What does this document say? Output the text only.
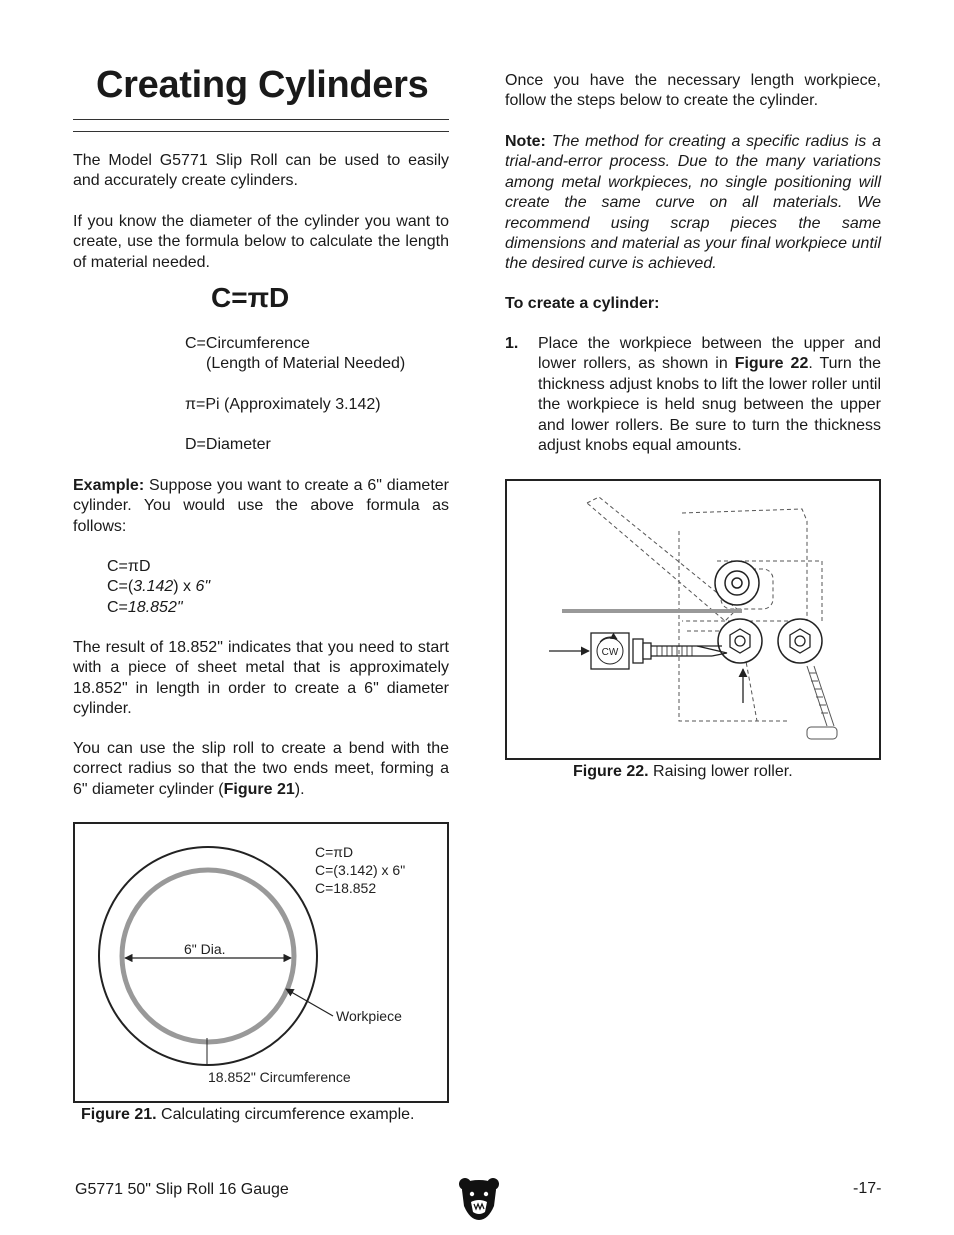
Creating Cylinders

The Model G5771 Slip Roll can be used to easily and accurately create cylinders.

If you know the diameter of the cylinder you want to create, use the formula below to calculate the length of material needed.

C=πD
C=Circumference
(Length of Material Needed)
π=Pi (Approximately 3.142)
D=Diameter

Example: Suppose you want to create a 6" diameter cylinder. You would use the above formula as follows:

C=πD
C=(3.142) x 6"
C=18.852"

The result of 18.852" indicates that you need to start with a piece of sheet metal that is approximately 18.852" in length in order to create a 6" diameter cylinder.

You can use the slip roll to create a bend with the correct radius so that the two ends meet, forming a 6" diameter cylinder (Figure 21).

6" Dia.
18.852" Circumference
Workpiece
C=πD
C=(3.142) x 6"
C=18.852
Figure 21. Calculating circumference example.

Once you have the necessary length workpiece, follow the steps below to create the cylinder.

Note: The method for creating a specific radius is a trial-and-error process. Due to the many variations among metal workpieces, no single positioning will create the same curve on all materials. We recommend using scrap pieces the same dimensions and material as your final workpiece until the desired curve is achieved.

To create a cylinder:
1. Place the workpiece between the upper and lower rollers, as shown in Figure 22. Turn the thickness adjust knobs to lift the lower roller until the workpiece is held snug between the upper and lower rollers. Be sure to turn the thickness adjust knobs equal amounts.

CW
Figure 22. Raising lower roller.
G5771 50" Slip Roll 16 Gauge	-17-
